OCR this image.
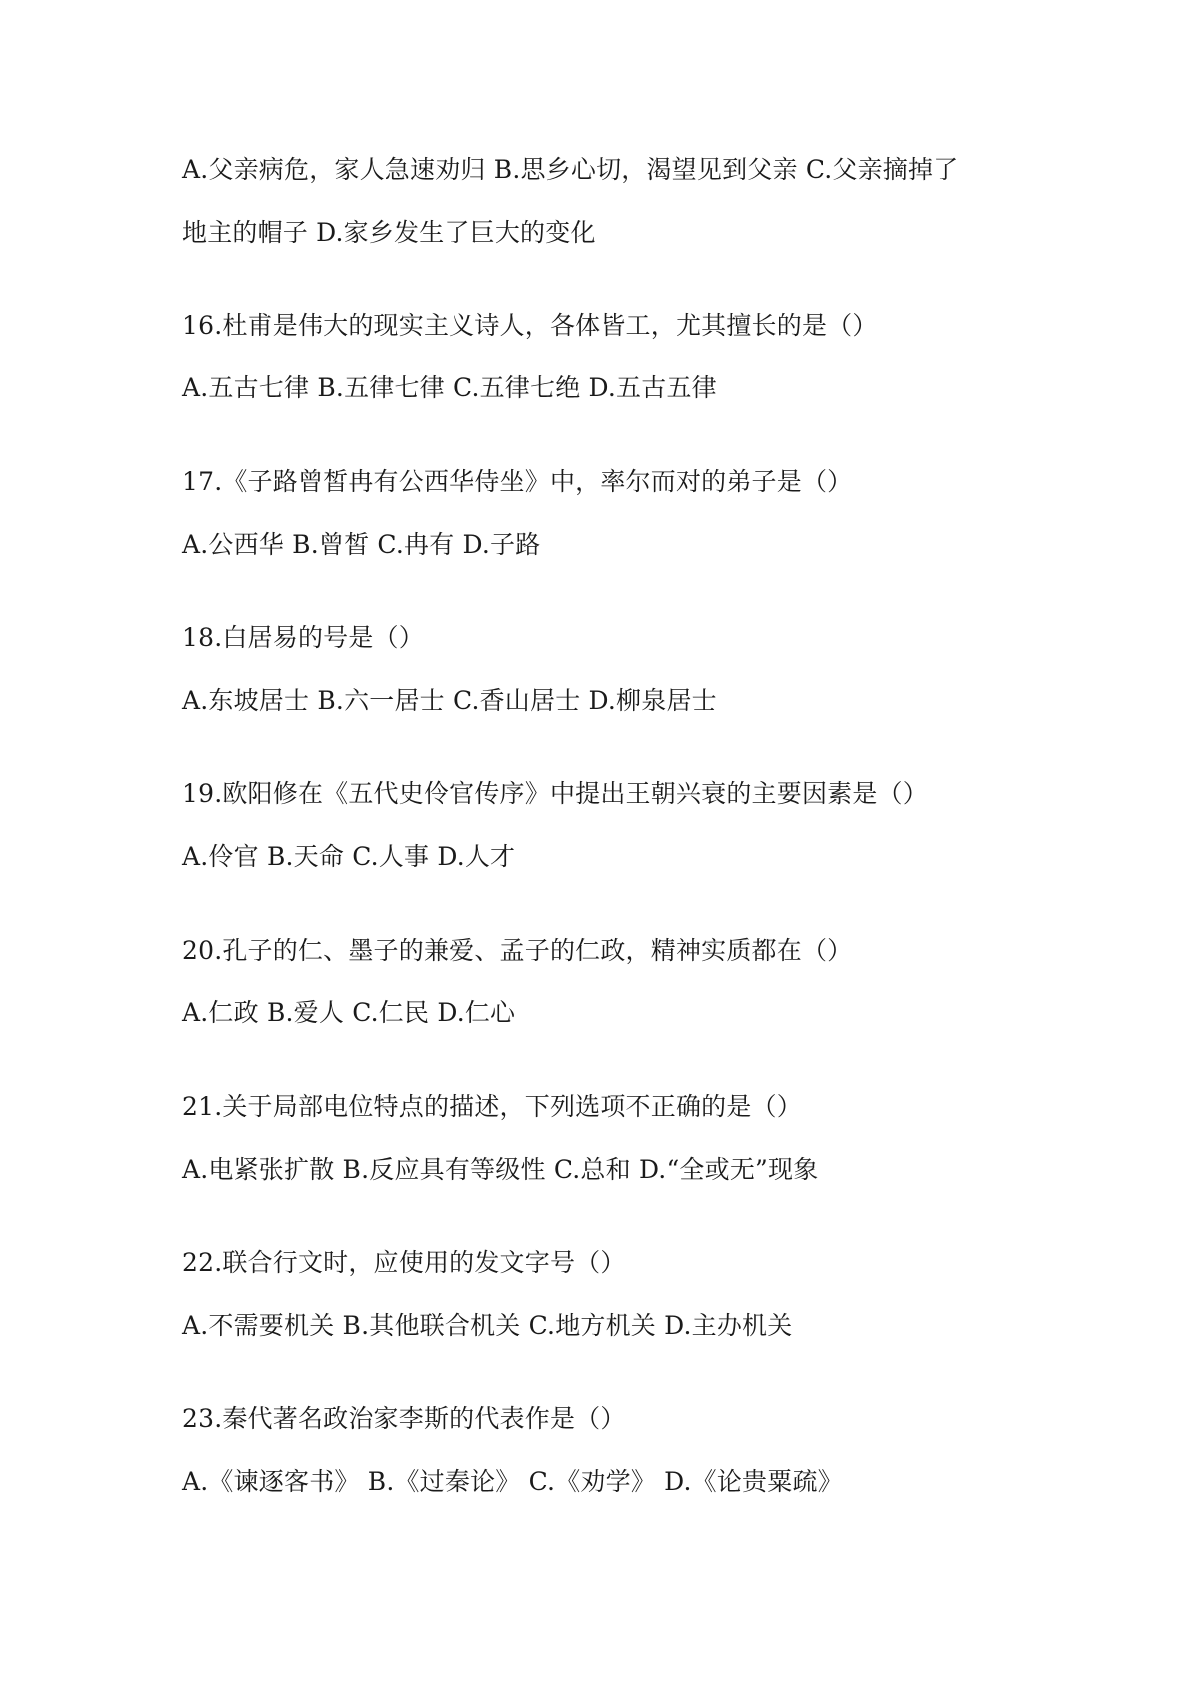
A.父亲病危，家人急速劝归 B.思乡心切，渴望见到父亲 C.父亲摘掉了
地主的帽子 D.家乡发生了巨大的变化
16.杜甫是伟大的现实主义诗人，各体皆工，尤其擅长的是（）
A.五古七律 B.五律七律 C.五律七绝 D.五古五律
17.《子路曾皙冉有公西华侍坐》中，率尔而对的弟子是（）
A.公西华 B.曾皙 C.冉有 D.子路
18.白居易的号是（）
A.东坡居士 B.六一居士 C.香山居士 D.柳泉居士
19.欧阳修在《五代史伶官传序》中提出王朝兴衰的主要因素是（）
A.伶官 B.天命 C.人事 D.人才
20.孔子的仁、墨子的兼爱、孟子的仁政，精神实质都在（）
A.仁政 B.爱人 C.仁民 D.仁心
21.关于局部电位特点的描述，下列选项不正确的是（）
A.电紧张扩散 B.反应具有等级性 C.总和 D.“全或无”现象
22.联合行文时，应使用的发文字号（）
A.不需要机关 B.其他联合机关 C.地方机关 D.主办机关
23.秦代著名政治家李斯的代表作是（）
A.《谏逐客书》 B.《过秦论》 C.《劝学》 D.《论贵粟疏》
